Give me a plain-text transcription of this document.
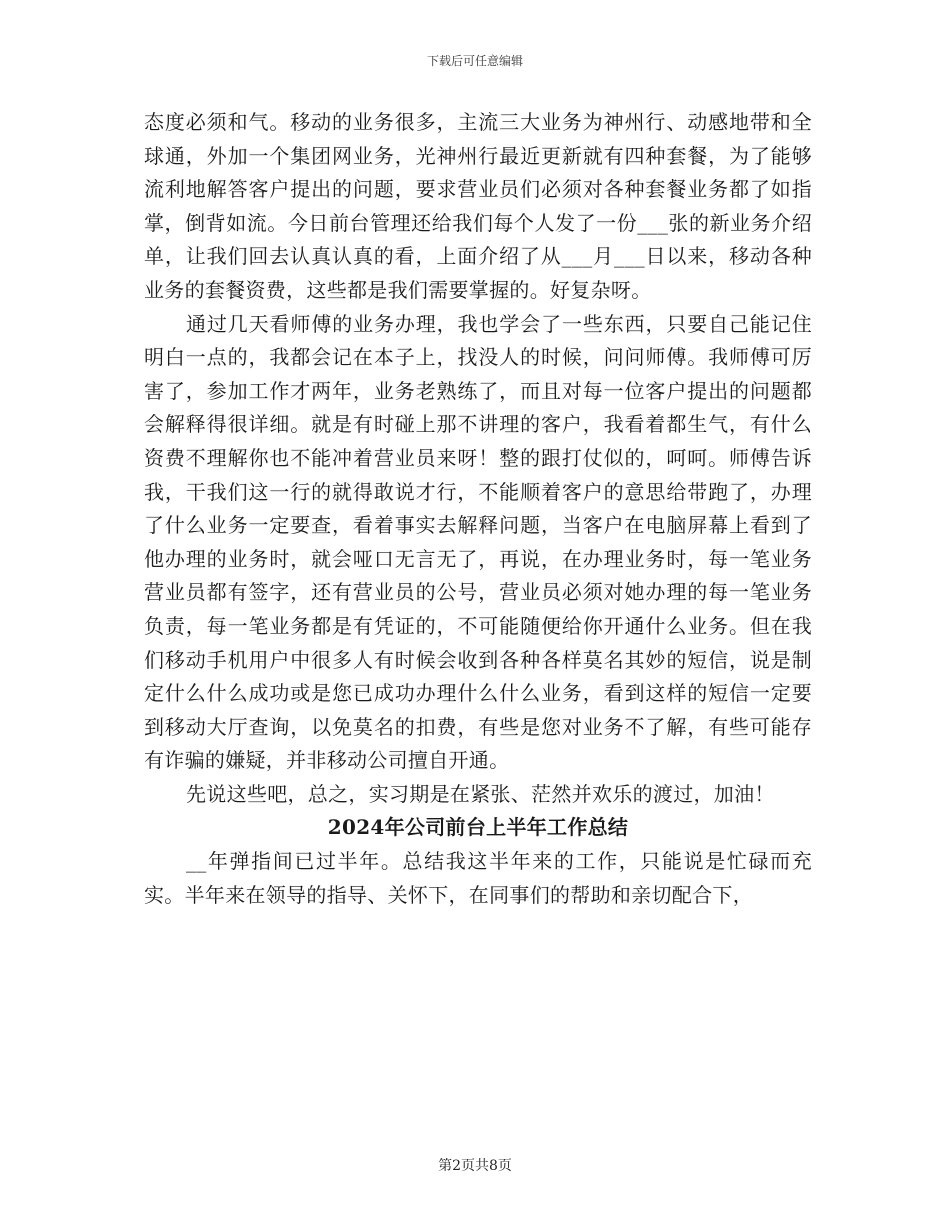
下载后可任意编辑

态度必须和气。移动的业务很多，主流三大业务为神州行、动感地带和全球通，外加一个集团网业务，光神州行最近更新就有四种套餐，为了能够流利地解答客户提出的问题，要求营业员们必须对各种套餐业务都了如指掌，倒背如流。今日前台管理还给我们每个人发了一份___张的新业务介绍单，让我们回去认真认真的看，上面介绍了从___月___日以来，移动各种业务的套餐资费，这些都是我们需要掌握的。好复杂呀。

通过几天看师傅的业务办理，我也学会了一些东西，只要自己能记住明白一点的，我都会记在本子上，找没人的时候，问问师傅。我师傅可厉害了，参加工作才两年，业务老熟练了，而且对每一位客户提出的问题都会解释得很详细。就是有时碰上那不讲理的客户，我看着都生气，有什么资费不理解你也不能冲着营业员来呀！整的跟打仗似的，呵呵。师傅告诉我，干我们这一行的就得敢说才行，不能顺着客户的意思给带跑了，办理了什么业务一定要查，看着事实去解释问题，当客户在电脑屏幕上看到了他办理的业务时，就会哑口无言无了，再说，在办理业务时，每一笔业务营业员都有签字，还有营业员的公号，营业员必须对她办理的每一笔业务负责，每一笔业务都是有凭证的，不可能随便给你开通什么业务。但在我们移动手机用户中很多人有时候会收到各种各样莫名其妙的短信，说是制定什么什么成功或是您已成功办理什么什么业务，看到这样的短信一定要到移动大厅查询，以免莫名的扣费，有些是您对业务不了解，有些可能存有诈骗的嫌疑，并非移动公司擅自开通。

先说这些吧，总之，实习期是在紧张、茫然并欢乐的渡过，加油！

2024年公司前台上半年工作总结

__年弹指间已过半年。总结我这半年来的工作，只能说是忙碌而充实。半年来在领导的指导、关怀下，在同事们的帮助和亲切配合下，

第2页共8页
